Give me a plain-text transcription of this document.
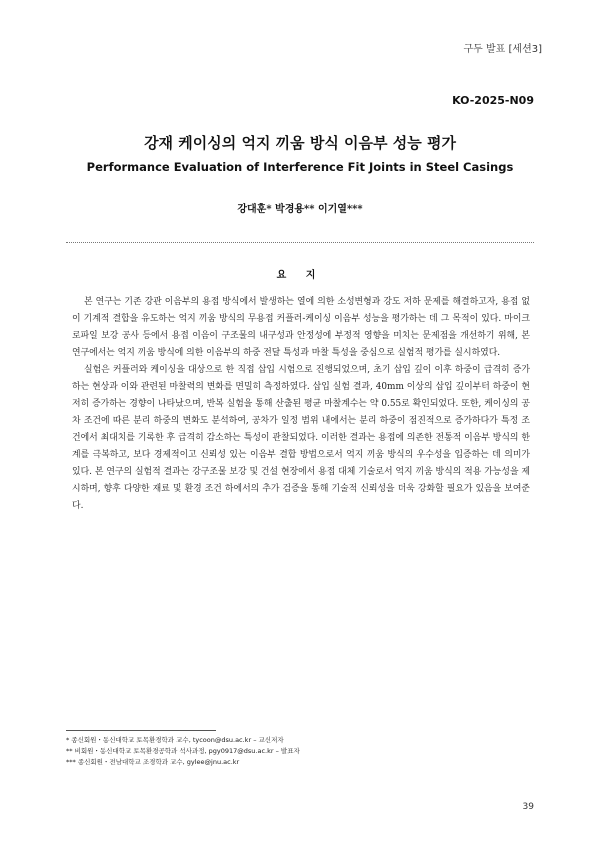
구두 발표 [세션3]
KO-2025-N09
강재 케이싱의 억지 끼움 방식 이음부 성능 평가
Performance Evaluation of Interference Fit Joints in Steel Casings
강대훈* 박경용** 이기열***
요 지

본 연구는 기존 강관 이음부의 용접 방식에서 발생하는 열에 의한 소성변형과 강도 저하 문제를 해결하고자, 용접 없이 기계적 결합을 유도하는 억지 끼움 방식의 무용접 커플러-케이싱 이음부 성능을 평가하는 데 그 목적이 있다. 마이크로파일 보강 공사 등에서 용접 이음이 구조물의 내구성과 안정성에 부정적 영향을 미치는 문제점을 개선하기 위해, 본 연구에서는 억지 끼움 방식에 의한 이음부의 하중 전달 특성과 마찰 특성을 중심으로 실험적 평가를 실시하였다.

실험은 커플러와 케이싱을 대상으로 한 직접 삽입 시험으로 진행되었으며, 초기 삽입 깊이 이후 하중이 급격히 증가하는 현상과 이와 관련된 마찰력의 변화를 면밀히 측정하였다. 삽입 실험 결과, 40mm 이상의 삽입 깊이부터 하중이 현저히 증가하는 경향이 나타났으며, 반복 실험을 통해 산출된 평균 마찰계수는 약 0.55로 확인되었다. 또한, 케이싱의 공차 조건에 따른 분리 하중의 변화도 분석하여, 공차가 일정 범위 내에서는 분리 하중이 점진적으로 증가하다가 특정 조건에서 최대치를 기록한 후 급격히 감소하는 특성이 관찰되었다. 이러한 결과는 용접에 의존한 전통적 이음부 방식의 한계를 극복하고, 보다 경제적이고 신뢰성 있는 이음부 결합 방법으로서 억지 끼움 방식의 우수성을 입증하는 데 의미가 있다. 본 연구의 실험적 결과는 강구조물 보강 및 건설 현장에서 용접 대체 기술로서 억지 끼움 방식의 적용 가능성을 제시하며, 향후 다양한 재료 및 환경 조건 하에서의 추가 검증을 통해 기술적 신뢰성을 더욱 강화할 필요가 있음을 보여준다.

* 종신회원・동신대학교 토목환경학과 교수, tycoon@dsu.ac.kr – 교신저자
** 비회원・동신대학교 토목환경공학과 석사과정, pgy0917@dsu.ac.kr – 발표자
*** 종신회원・전남대학교 조경학과 교수, gylee@jnu.ac.kr
39
